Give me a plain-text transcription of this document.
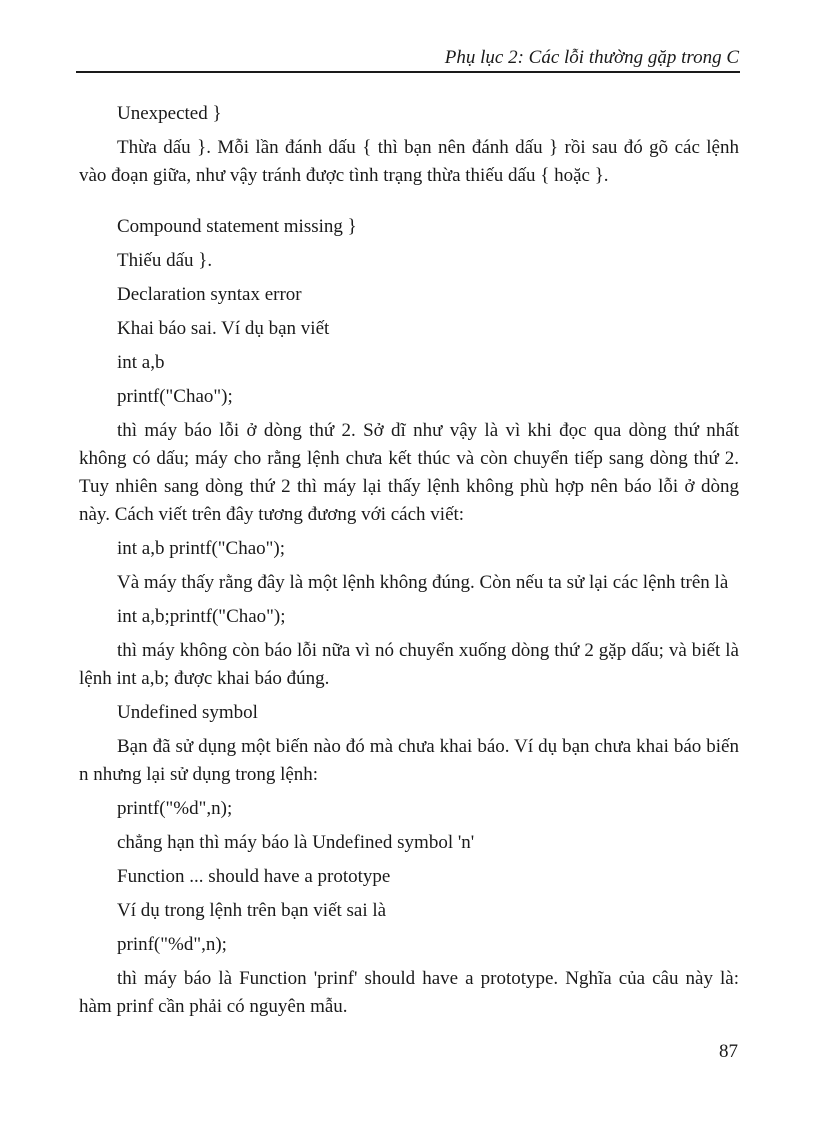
Phụ lục 2: Các lỗi thường gặp trong C

Unexpected }

Thừa dấu }. Mỗi lần đánh dấu { thì bạn nên đánh dấu } rồi sau đó gõ các lệnh vào đoạn giữa, như vậy tránh được tình trạng thừa thiếu dấu { hoặc }.

Compound statement missing }

Thiếu dấu }.

Declaration syntax error

Khai báo sai. Ví dụ bạn viết

int a,b

printf("Chao");

thì máy báo lỗi ở dòng thứ 2. Sở dĩ như vậy là vì khi đọc qua dòng thứ nhất không có dấu; máy cho rằng lệnh chưa kết thúc và còn chuyển tiếp sang dòng thứ 2. Tuy nhiên sang dòng thứ 2 thì máy lại thấy lệnh không phù hợp nên báo lỗi ở dòng này. Cách viết trên đây tương đương với cách viết:

int a,b printf("Chao");

Và máy thấy rằng đây là một lệnh không đúng. Còn nếu ta sử lại các lệnh trên là

int a,b;printf("Chao");

thì máy không còn báo lỗi nữa vì nó chuyển xuống dòng thứ 2 gặp dấu; và biết là lệnh int a,b; được khai báo đúng.

Undefined symbol

Bạn đã sử dụng một biến nào đó mà chưa khai báo. Ví dụ bạn chưa khai báo biến n nhưng lại sử dụng trong lệnh:

printf("%d",n);

chẳng hạn thì máy báo là Undefined symbol 'n'

Function ... should have a prototype

Ví dụ trong lệnh trên bạn viết sai là

prinf("%d",n);

thì máy báo là Function 'prinf' should have a prototype. Nghĩa của câu này là: hàm prinf cần phải có nguyên mẫu.

87
